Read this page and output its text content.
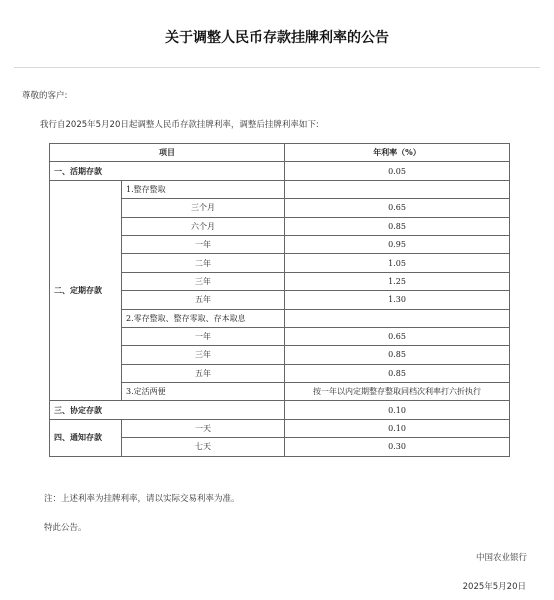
关于调整人民币存款挂牌利率的公告
尊敬的客户:
我行自2025年5月20日起调整人民币存款挂牌利率，调整后挂牌利率如下:
项目		年利率（%）
一、活期存款		0.05
二、定期存款	1.整存整取	
	三个月	0.65
	六个月	0.85
	一年	0.95
	二年	1.05
	三年	1.25
	五年	1.30
	2.零存整取、整存零取、存本取息	
	一年	0.65
	三年	0.85
	五年	0.85
	3.定活两便	按一年以内定期整存整取同档次利率打六折执行
三、协定存款		0.10
四、通知存款	一天	0.10
	七天	0.30
注：上述利率为挂牌利率，请以实际交易利率为准。
特此公告。
中国农业银行
2025年5月20日
